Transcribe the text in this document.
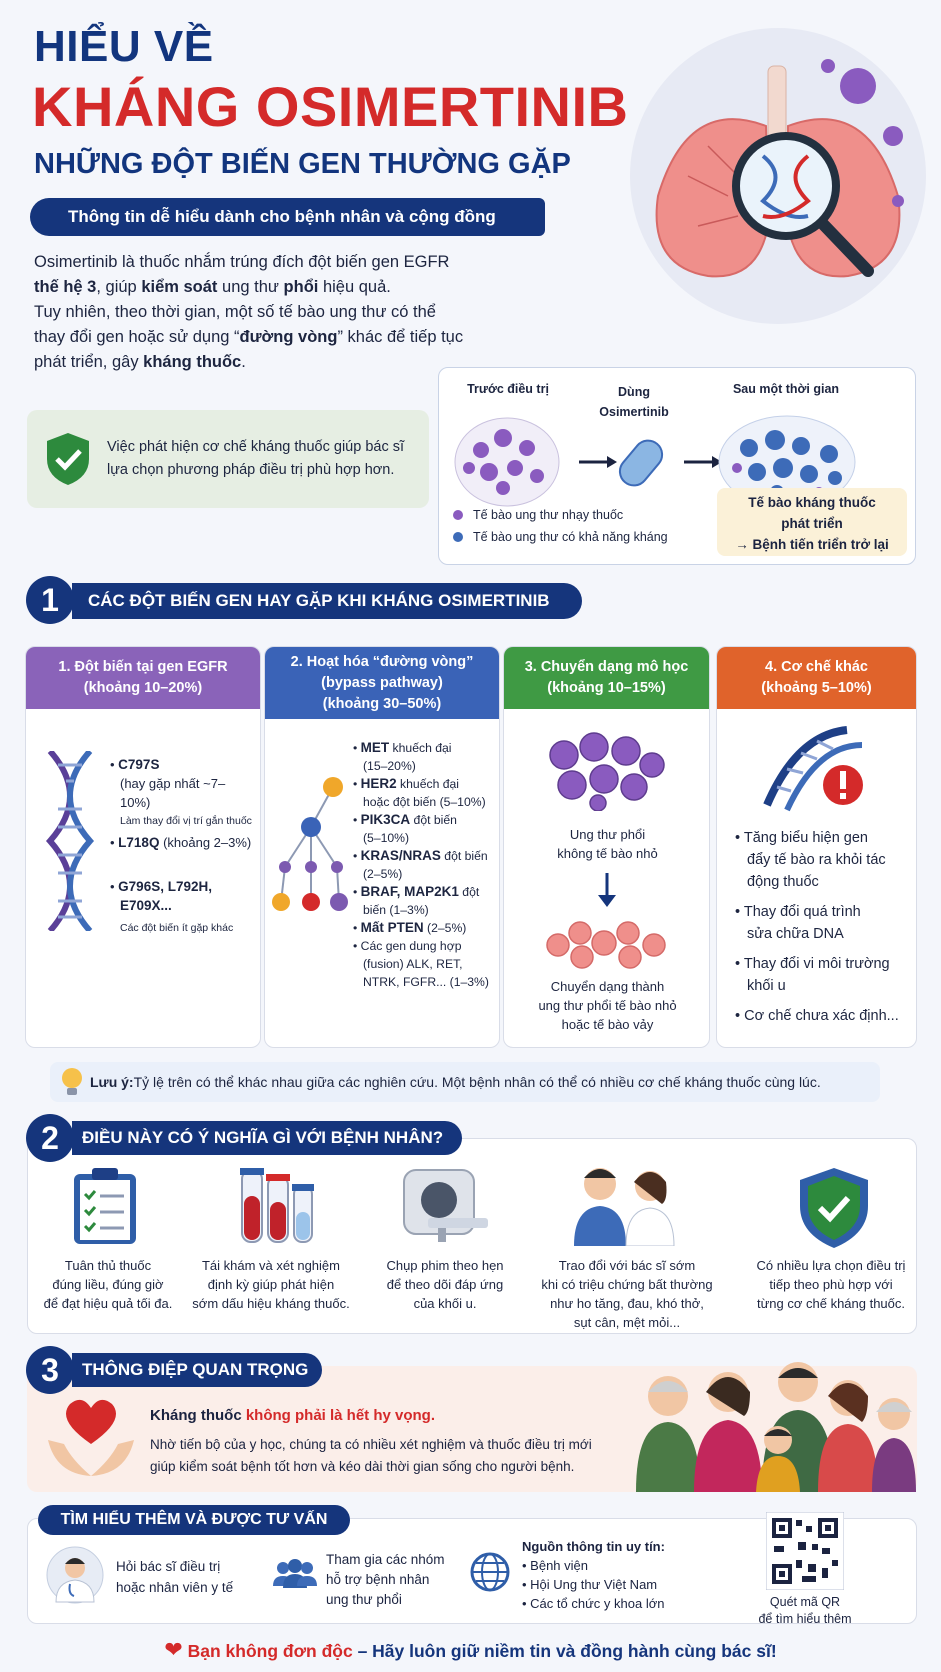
HIỂU VỀ
KHÁNG OSIMERTINIB
NHỮNG ĐỘT BIẾN GEN THƯỜNG GẶP
Thông tin dễ hiểu dành cho bệnh nhân và cộng đồng
Osimertinib là thuốc nhắm trúng đích đột biến gen EGFR
thế hệ 3, giúp kiểm soát ung thư phổi hiệu quả.
Tuy nhiên, theo thời gian, một số tế bào ung thư có thể
thay đổi gen hoặc sử dụng “đường vòng” khác để tiếp tục
phát triển, gây kháng thuốc.
Việc phát hiện cơ chế kháng thuốc giúp bác sĩ
lựa chọn phương pháp điều trị phù hợp hơn.
Trước điều trị	Dùng
Osimertinib
Sau một thời gian
Tế bào ung thư nhạy thuốc
Tế bào ung thư có khả năng kháng
Tế bào kháng thuốc
phát triển
→ Bệnh tiến triển trở lại
1	CÁC ĐỘT BIẾN GEN HAY GẶP KHI KHÁNG OSIMERTINIB
1. Đột biến tại gen EGFR
(khoảng 10–20%)
• C797S
(hay gặp nhất ~7–10%)
Làm thay đổi vị trí gắn thuốc
• L718Q (khoảng 2–3%)
• G796S, L792H,
E709X...
Các đột biến ít gặp khác
2. Hoạt hóa “đường vòng”
(bypass pathway)
(khoảng 30–50%)
• MET khuếch đại
(15–20%)
• HER2 khuếch đại
hoặc đột biến (5–10%)
• PIK3CA đột biến
(5–10%)
• KRAS/NRAS đột biến
(2–5%)
• BRAF, MAP2K1 đột
biến (1–3%)
• Mất PTEN (2–5%)
• Các gen dung hợp
(fusion) ALK, RET,
NTRK, FGFR... (1–3%)
3. Chuyển dạng mô học
(khoảng 10–15%)
Ung thư phổi
không tế bào nhỏ
Chuyển dạng thành
ung thư phổi tế bào nhỏ
hoặc tế bào vảy
4. Cơ chế khác
(khoảng 5–10%)
• Tăng biểu hiện gen
đẩy tế bào ra khỏi tác
động thuốc
• Thay đổi quá trình
sửa chữa DNA
• Thay đổi vi môi trường
khối u
• Cơ chế chưa xác định...
Lưu ý: Tỷ lệ trên có thể khác nhau giữa các nghiên cứu. Một bệnh nhân có thể có nhiều cơ chế kháng thuốc cùng lúc.
2	ĐIỀU NÀY CÓ Ý NGHĨA GÌ VỚI BỆNH NHÂN?
Tuân thủ thuốc
đúng liều, đúng giờ
để đạt hiệu quả tối đa.
Tái khám và xét nghiệm
định kỳ giúp phát hiện
sớm dấu hiệu kháng thuốc.
Chụp phim theo hẹn
để theo dõi đáp ứng
của khối u.
Trao đổi với bác sĩ sớm
khi có triệu chứng bất thường
như ho tăng, đau, khó thở,
sụt cân, mệt mỏi...
Có nhiều lựa chọn điều trị
tiếp theo phù hợp với
từng cơ chế kháng thuốc.
3	THÔNG ĐIỆP QUAN TRỌNG
Kháng thuốc không phải là hết hy vọng.
Nhờ tiến bộ của y học, chúng ta có nhiều xét nghiệm và thuốc điều trị mới
giúp kiểm soát bệnh tốt hơn và kéo dài thời gian sống cho người bệnh.
TÌM HIỂU THÊM VÀ ĐƯỢC TƯ VẤN
Hỏi bác sĩ điều trị
hoặc nhân viên y tế
Tham gia các nhóm
hỗ trợ bệnh nhân
ung thư phổi
Nguồn thông tin uy tín:
• Bệnh viện
• Hội Ung thư Việt Nam
• Các tổ chức y khoa lớn	Quét mã QR
để tìm hiểu thêm
❤ Bạn không đơn độc – Hãy luôn giữ niềm tin và đồng hành cùng bác sĩ!
